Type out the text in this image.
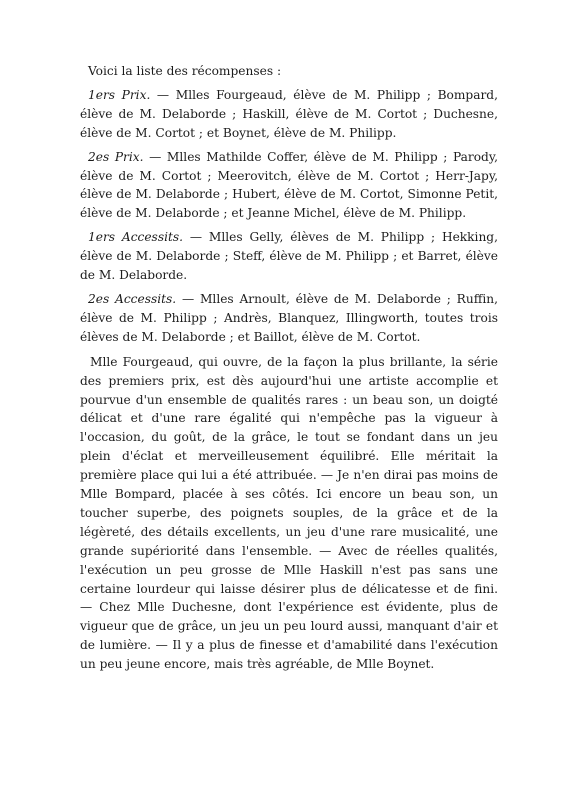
Voici la liste des récompenses :

1ers Prix. — Mlles Fourgeaud, élève de M. Philipp ; Bompard, élève de M. Delaborde ; Haskill, élève de M. Cortot ; Duchesne, élève de M. Cortot ; et Boynet, élève de M. Philipp.

2es Prix. — Mlles Mathilde Coffer, élève de M. Philipp ; Parody, élève de M. Cortot ; Meerovitch, élève de M. Cortot ; Herr-Japy, élève de M. Delaborde ; Hubert, élève de M. Cortot, Simonne Petit, élève de M. Delaborde ; et Jeanne Michel, élève de M. Philipp.

1ers Accessits. — Mlles Gelly, élèves de M. Philipp ; Hekking, élève de M. Delaborde ; Steff, élève de M. Philipp ; et Barret, élève de M. Delaborde.

2es Accessits. — Mlles Arnoult, élève de M. Delaborde ; Ruffin, élève de M. Philipp ; Andrès, Blanquez, Illingworth, toutes trois élèves de M. Delaborde ; et Baillot, élève de M. Cortot.

Mlle Fourgeaud, qui ouvre, de la façon la plus brillante, la série des premiers prix, est dès aujourd'hui une artiste accomplie et pourvue d'un ensemble de qualités rares : un beau son, un doigté délicat et d'une rare égalité qui n'empêche pas la vigueur à l'occasion, du goût, de la grâce, le tout se fondant dans un jeu plein d'éclat et merveilleusement équilibré. Elle méritait la première place qui lui a été attribuée. — Je n'en dirai pas moins de Mlle Bompard, placée à ses côtés. Ici encore un beau son, un toucher superbe, des poignets souples, de la grâce et de la légèreté, des détails excellents, un jeu d'une rare musicalité, une grande supériorité dans l'ensemble. — Avec de réelles qualités, l'exécution un peu grosse de Mlle Haskill n'est pas sans une certaine lourdeur qui laisse désirer plus de délicatesse et de fini. — Chez Mlle Duchesne, dont l'expérience est évidente, plus de vigueur que de grâce, un jeu un peu lourd aussi, manquant d'air et de lumière. — Il y a plus de finesse et d'amabilité dans l'exécution un peu jeune encore, mais très agréable, de Mlle Boynet.
